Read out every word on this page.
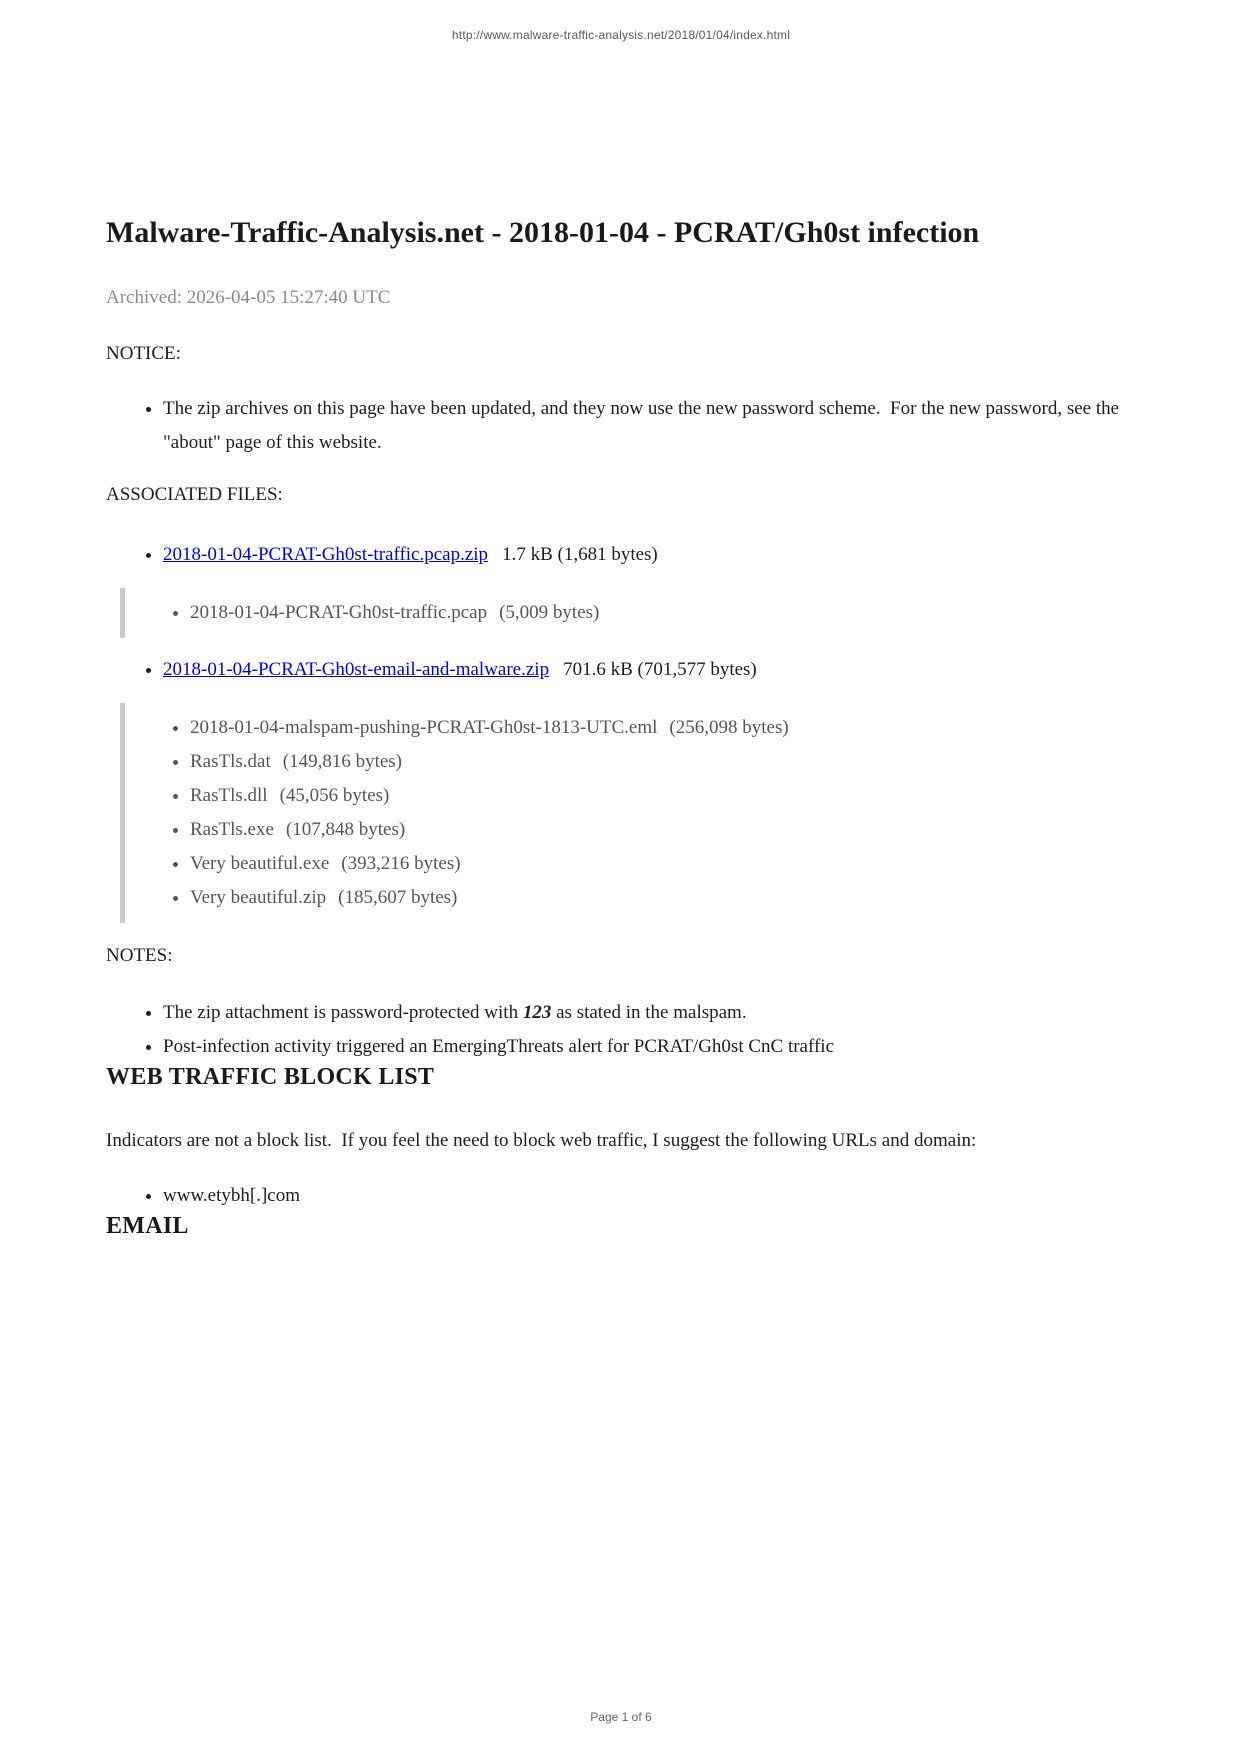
http://www.malware-traffic-analysis.net/2018/01/04/index.html
Malware-Traffic-Analysis.net - 2018-01-04 - PCRAT/Gh0st infection

Archived: 2026-04-05 15:27:40 UTC

NOTICE:

• The zip archives on this page have been updated, and they now use the new password scheme.  For the new password, see the "about" page of this website.

ASSOCIATED FILES:

• 2018-01-04-PCRAT-Gh0st-traffic.pcap.zip 1.7 kB (1,681 bytes)
• 2018-01-04-PCRAT-Gh0st-traffic.pcap (5,009 bytes)
• 2018-01-04-PCRAT-Gh0st-email-and-malware.zip 701.6 kB (701,577 bytes)
• 2018-01-04-malspam-pushing-PCRAT-Gh0st-1813-UTC.eml (256,098 bytes)
• RasTls.dat (149,816 bytes)
• RasTls.dll (45,056 bytes)
• RasTls.exe (107,848 bytes)
• Very beautiful.exe (393,216 bytes)
• Very beautiful.zip (185,607 bytes)

NOTES:

• The zip attachment is password-protected with 123 as stated in the malspam.
• Post-infection activity triggered an EmergingThreats alert for PCRAT/Gh0st CnC traffic
WEB TRAFFIC BLOCK LIST

Indicators are not a block list.  If you feel the need to block web traffic, I suggest the following URLs and domain:

• www.etybh[.]com
EMAIL
Page 1 of 6
